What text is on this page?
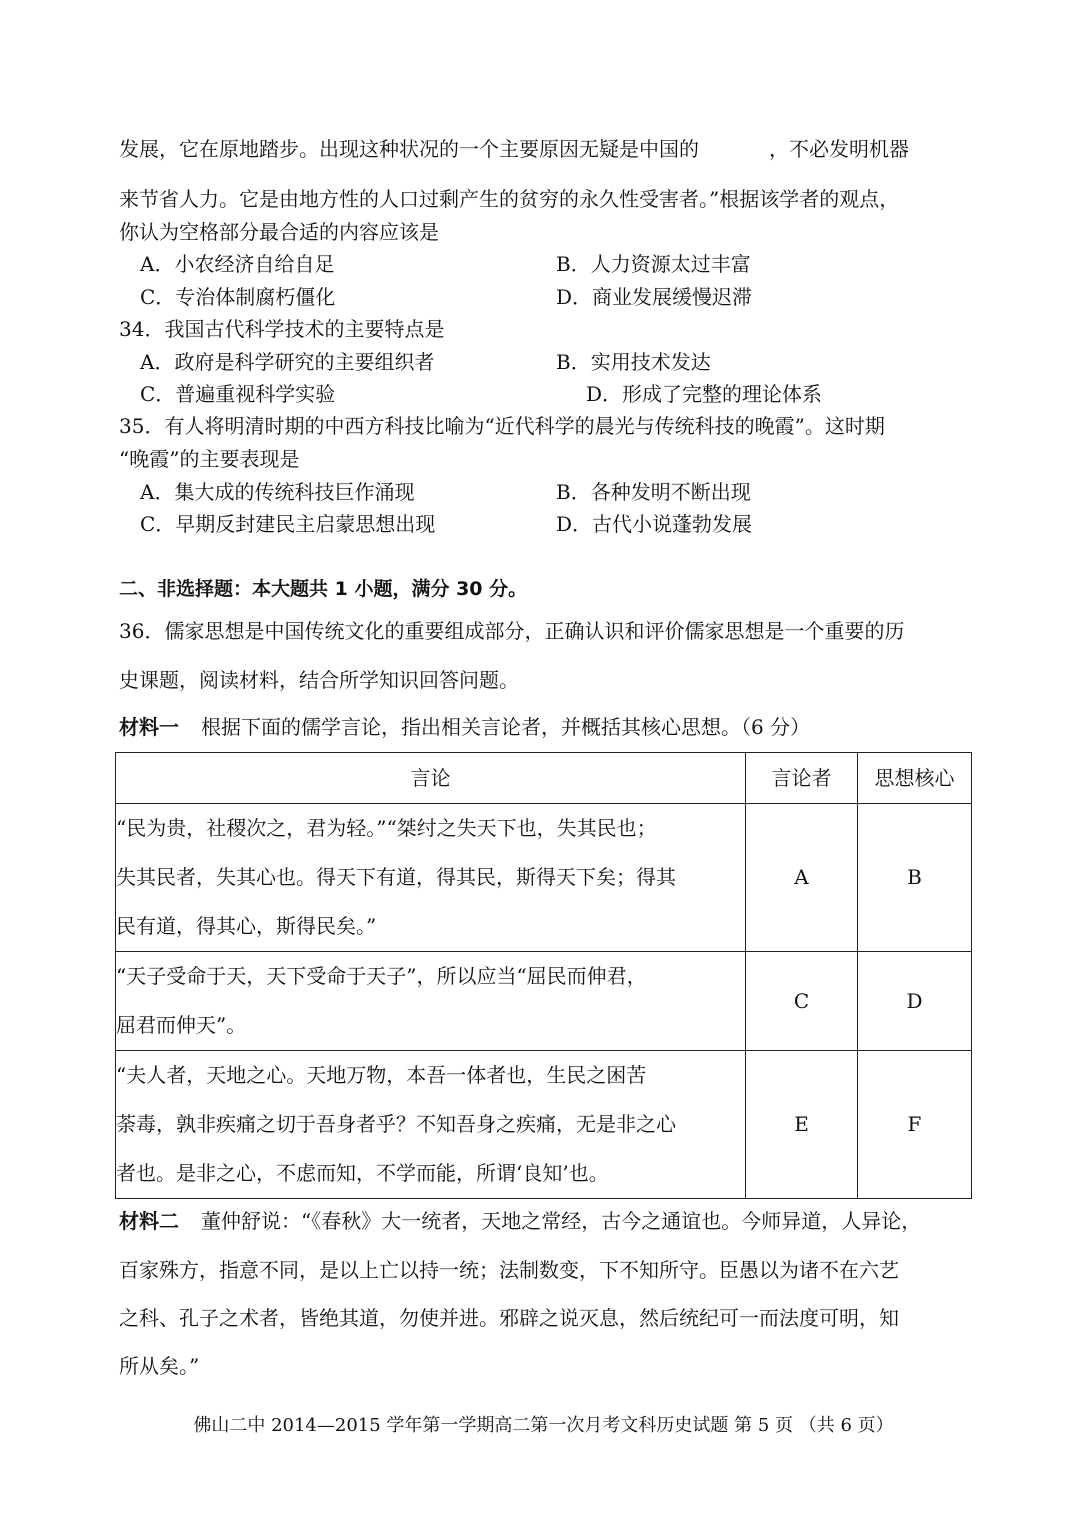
发展，它在原地踏步。出现这种状况的一个主要原因无疑是中国的	，不必发明机器
来节省人力。它是由地方性的人口过剩产生的贫穷的永久性受害者。”根据该学者的观点，
你认为空格部分最合适的内容应该是
A．小农经济自给自足	B．人力资源太过丰富
C．专治体制腐朽僵化	D．商业发展缓慢迟滞
34．我国古代科学技术的主要特点是
A．政府是科学研究的主要组织者	B．实用技术发达
C．普遍重视科学实验	D．形成了完整的理论体系
35．有人将明清时期的中西方科技比喻为“近代科学的晨光与传统科技的晚霞”。这时期
“晚霞”的主要表现是
A．集大成的传统科技巨作涌现	B．各种发明不断出现
C．早期反封建民主启蒙思想出现	D．古代小说蓬勃发展
二、非选择题：本大题共 1 小题，满分 30 分。
36．儒家思想是中国传统文化的重要组成部分，正确认识和评价儒家思想是一个重要的历
史课题，阅读材料，结合所学知识回答问题。
材料一 根据下面的儒学言论，指出相关言论者，并概括其核心思想。（6 分）
言论	言论者	思想核心

“民为贵，社稷次之，君为轻。”“桀纣之失天下也，失其民也；
失其民者，失其心也。得天下有道，得其民，斯得天下矣；得其
民有道，得其心，斯得民矣。”	A	B

“天子受命于天，天下受命于天子”，所以应当“屈民而伸君，
屈君而伸天”。	C	D

“夫人者，天地之心。天地万物，本吾一体者也，生民之困苦
荼毒，孰非疾痛之切于吾身者乎？不知吾身之疾痛，无是非之心
者也。是非之心，不虑而知，不学而能，所谓‘良知’也。	E	F
材料二 董仲舒说：“《春秋》大一统者，天地之常经，古今之通谊也。今师异道，人异论，
百家殊方，指意不同，是以上亡以持一统；法制数变，下不知所守。臣愚以为诸不在六艺
之科、孔子之术者，皆绝其道，勿使并进。邪辟之说灭息，然后统纪可一而法度可明，知
所从矣。”
佛山二中 2014—2015 学年第一学期高二第一次月考文科历史试题 第 5 页 （共 6 页）
